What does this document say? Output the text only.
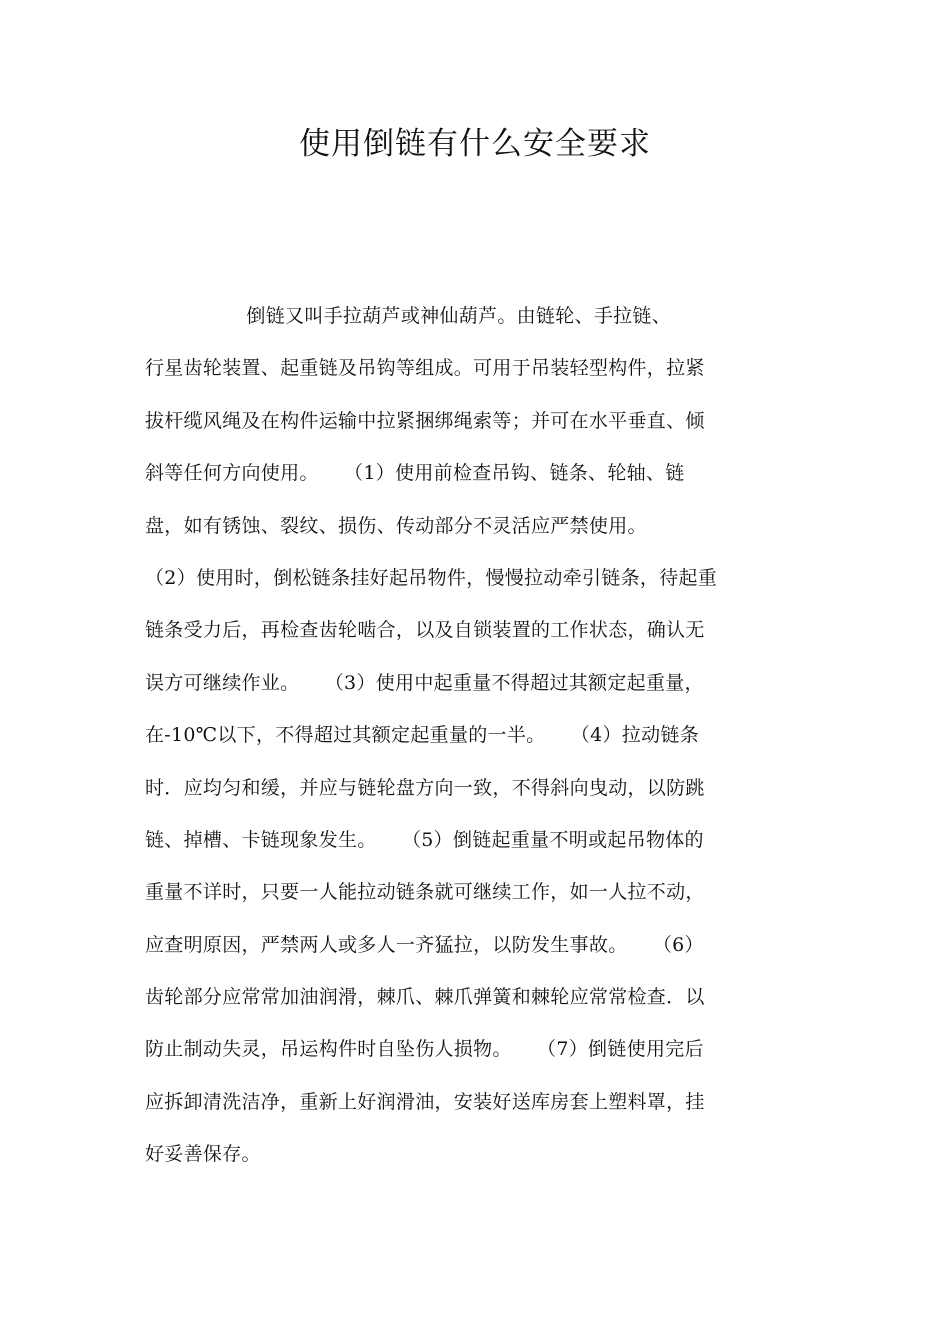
使用倒链有什么安全要求
倒链又叫手拉葫芦或神仙葫芦。由链轮、手拉链、
行星齿轮装置、起重链及吊钩等组成。可用于吊装轻型构件，拉紧
拔杆缆风绳及在构件运输中拉紧捆绑绳索等；并可在水平垂直、倾
斜等任何方向使用。    （1）使用前检查吊钩、链条、轮轴、链
盘，如有锈蚀、裂纹、损伤、传动部分不灵活应严禁使用。
（2）使用时，倒松链条挂好起吊物件，慢慢拉动牵引链条，待起重
链条受力后，再检查齿轮啮合，以及自锁装置的工作状态，确认无
误方可继续作业。    （3）使用中起重量不得超过其额定起重量，
在-10℃以下，不得超过其额定起重量的一半。    （4）拉动链条
时．应均匀和缓，并应与链轮盘方向一致，不得斜向曳动，以防跳
链、掉槽、卡链现象发生。    （5）倒链起重量不明或起吊物体的
重量不详时，只要一人能拉动链条就可继续工作，如一人拉不动，
应查明原因，严禁两人或多人一齐猛拉，以防发生事故。    （6）
齿轮部分应常常加油润滑，棘爪、棘爪弹簧和棘轮应常常检查．以
防止制动失灵，吊运构件时自坠伤人损物。    （7）倒链使用完后
应拆卸清洗洁净，重新上好润滑油，安装好送库房套上塑料罩，挂
好妥善保存。
